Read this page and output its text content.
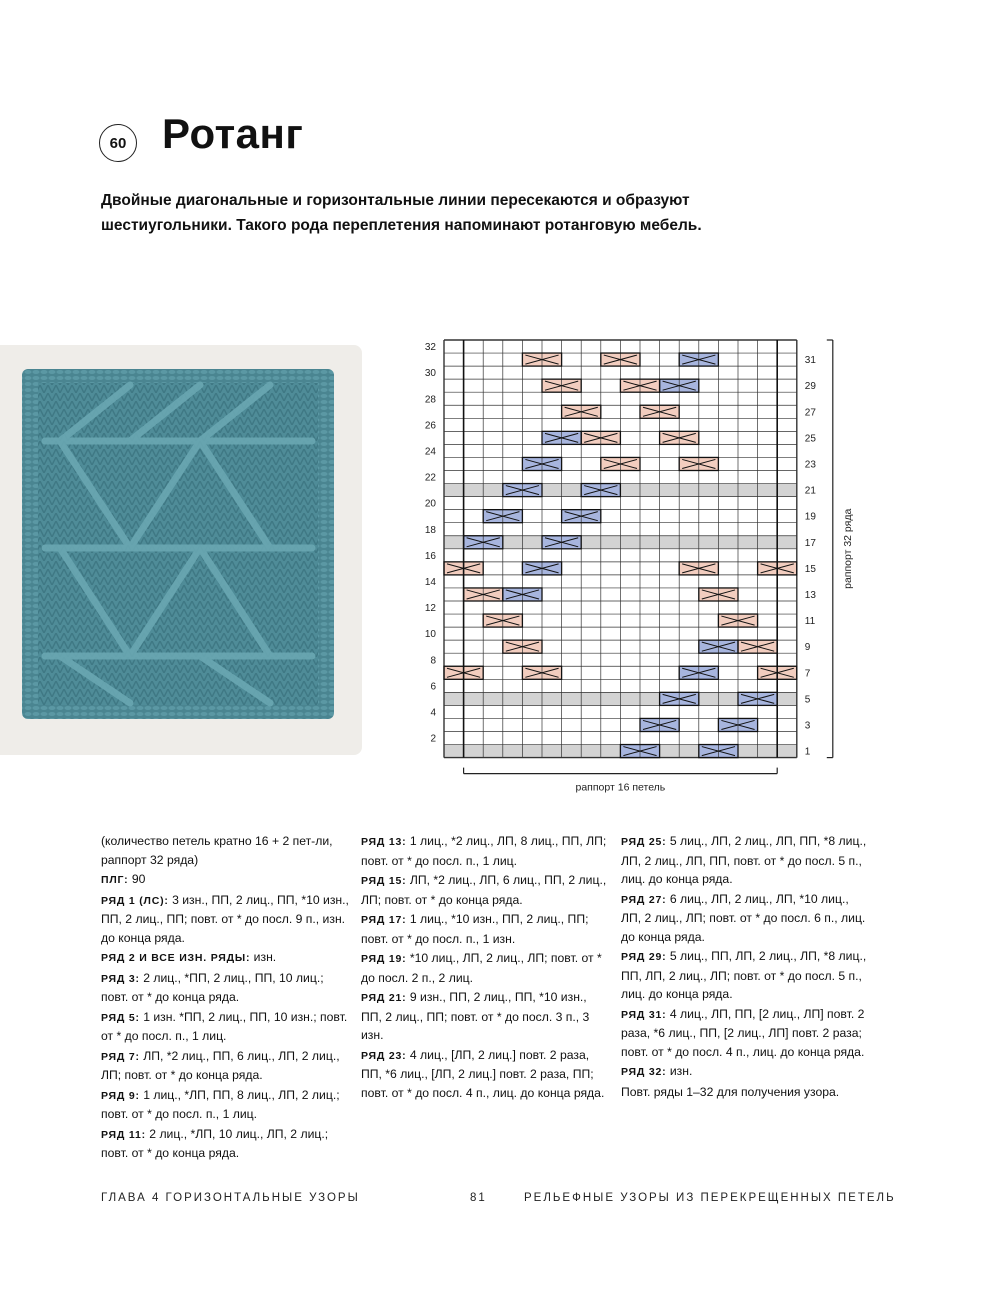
60 Ротанг

Двойные диагональные и горизонтальные линии пересекаются и образуют шестиугольники. Такого рода переплетения напоминают ротанговую мебель.

32
30
28
26
24
22
20
18
16
14
12
10
8
6
4
2
31
29
27
25
23
21
19
17
15
13
11
9
7
5
3
1
раппорт 32 ряда
раппорт 16 петель

(количество петель кратно 16 + 2 пет-ли, раппорт 32 ряда)

ПЛГ: 90

РЯД 1 (ЛС): 3 изн., ПП, 2 лиц., ПП, *10 изн., ПП, 2 лиц., ПП; повт. от * до посл. 9 п., изн. до конца ряда.

РЯД 2 И ВСЕ ИЗН. РЯДЫ: изн.

РЯД 3: 2 лиц., *ПП, 2 лиц., ПП, 10 лиц.; повт. от * до конца ряда.

РЯД 5: 1 изн. *ПП, 2 лиц., ПП, 10 изн.; повт. от * до посл. п., 1 лиц.

РЯД 7: ЛП, *2 лиц., ПП, 6 лиц., ЛП, 2 лиц., ЛП; повт. от * до конца ряда.

РЯД 9: 1 лиц., *ЛП, ПП, 8 лиц., ЛП, 2 лиц.; повт. от * до посл. п., 1 лиц.

РЯД 11: 2 лиц., *ЛП, 10 лиц., ЛП, 2 лиц.; повт. от * до конца ряда.

РЯД 13: 1 лиц., *2 лиц., ЛП, 8 лиц., ПП, ЛП; повт. от * до посл. п., 1 лиц.

РЯД 15: ЛП, *2 лиц., ЛП, 6 лиц., ПП, 2 лиц., ЛП; повт. от * до конца ряда.

РЯД 17: 1 лиц., *10 изн., ПП, 2 лиц., ПП; повт. от * до посл. п., 1 изн.

РЯД 19: *10 лиц., ЛП, 2 лиц., ЛП; повт. от * до посл. 2 п., 2 лиц.

РЯД 21: 9 изн., ПП, 2 лиц., ПП, *10 изн., ПП, 2 лиц., ПП; повт. от * до посл. 3 п., 3 изн.

РЯД 23: 4 лиц., [ЛП, 2 лиц.] повт. 2 раза, ПП, *6 лиц., [ЛП, 2 лиц.] повт. 2 раза, ПП; повт. от * до посл. 4 п., лиц. до конца ряда.

РЯД 25: 5 лиц., ЛП, 2 лиц., ЛП, ПП, *8 лиц., ЛП, 2 лиц., ЛП, ПП, повт. от * до посл. 5 п., лиц. до конца ряда.

РЯД 27: 6 лиц., ЛП, 2 лиц., ЛП, *10 лиц., ЛП, 2 лиц., ЛП; повт. от * до посл. 6 п., лиц. до конца ряда.

РЯД 29: 5 лиц., ПП, ЛП, 2 лиц., ЛП, *8 лиц., ПП, ЛП, 2 лиц., ЛП; повт. от * до посл. 5 п., лиц. до конца ряда.

РЯД 31: 4 лиц., ЛП, ПП, [2 лиц., ЛП] повт. 2 раза, *6 лиц., ПП, [2 лиц., ЛП] повт. 2 раза; повт. от * до посл. 4 п., лиц. до конца ряда.

РЯД 32: изн.

Повт. ряды 1–32 для получения узора.

ГЛАВА 4 ГОРИЗОНТАЛЬНЫЕ УЗОРЫ	81	РЕЛЬЕФНЫЕ УЗОРЫ ИЗ ПЕРЕКРЕЩЕННЫХ ПЕТЕЛЬ
